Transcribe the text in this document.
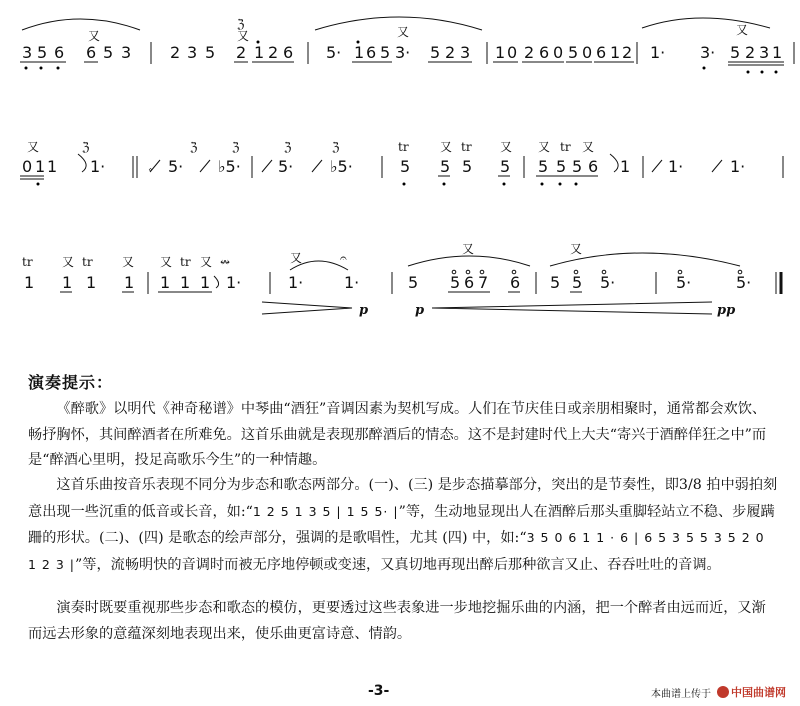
又	又
ℨ
又	又
3 5 6 6 5 3 2 3 5 2 1 2 6 5· 1 6 5 3· 5 2 3 1 0 2 6 0 5 0 6 1 2 1· 3· 5 2 3 1
又	ℨ	ℨ	ℨ	ℨ	ℨ	tr	又 tr 又 又 tr 又
0 1 1 1·	𝆹 5· ♭5· 5· ♭5·	5 5 5 5 5 5 5 6 1 1·	1·
tr 又 tr 又 又 tr 又 ↭	又	𝄐
又	又
1 1 1 1 1 1 1 1·	1·	1·	5 5 6 7 6 5 5 5·	5·	5·
p	p	pp
演奏提示：

《醉歌》以明代《神奇秘谱》中琴曲“酒狂”音调因素为契机写成。人们在节庆佳日或亲朋相聚时，通常都会欢饮、畅抒胸怀，其间醉酒者在所难免。这首乐曲就是表现那醉酒后的情态。这不是封建时代上大夫“寄兴于酒醉佯狂之中”而是“醉酒心里明，投足高歌乐今生”的一种情趣。

这首乐曲按音乐表现不同分为步态和歌态两部分。(一)、(三) 是步态描摹部分，突出的是节奏性，即3/8 拍中弱拍刻意出现一些沉重的低音或长音，如:“1 2 5 1 3 5 | 1 5 5· |”等，生动地显现出人在酒醉后那头重脚轻站立不稳、步履蹒跚的形状。(二)、(四) 是歌态的绘声部分，强调的是歌唱性，尤其 (四) 中，如:“3 5 0 6 1 1 · 6 | 6 5 3 5 5 3 5 2 0 1 2 3 |”等，流畅明快的音调时而被无序地停顿或变速，又真切地再现出醉后那种欲言又止、吞吞吐吐的音调。

演奏时既要重视那些步态和歌态的模仿，更要透过这些表象进一步地挖掘乐曲的内涵，把一个醉者由远而近，又渐而远去形象的意蕴深刻地表现出来，使乐曲更富诗意、情韵。

-3-	本曲谱上传于 中国曲谱网
